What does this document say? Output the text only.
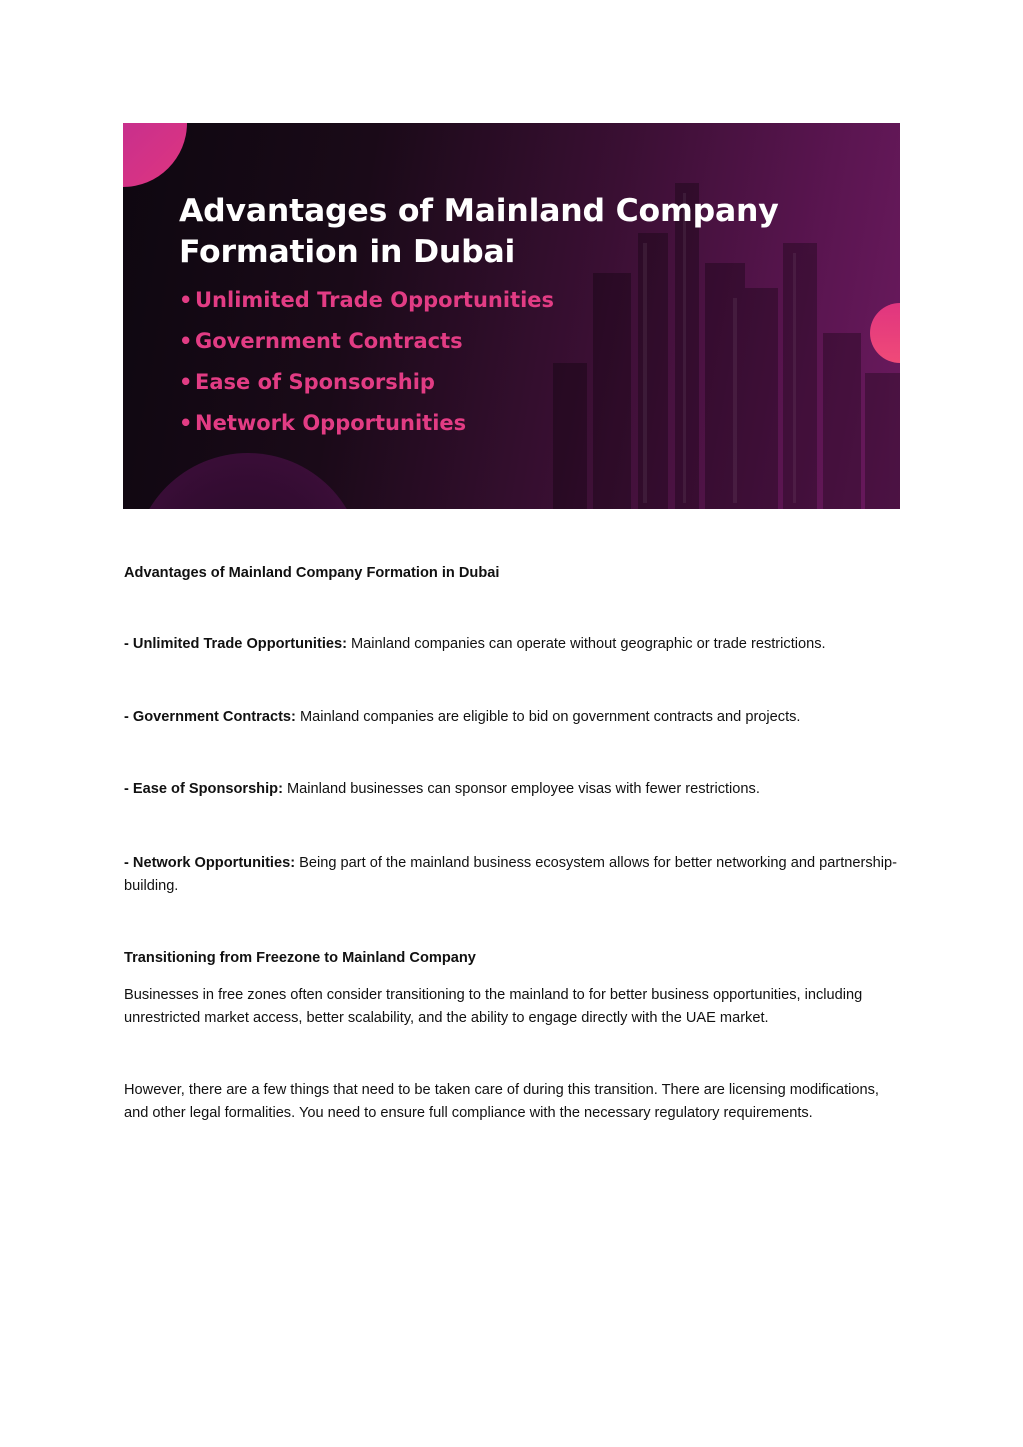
Advantages of Mainland Company Formation in Dubai
• Unlimited Trade Opportunities
• Government Contracts
• Ease of Sponsorship
• Network Opportunities

Advantages of Mainland Company Formation in Dubai

- Unlimited Trade Opportunities: Mainland companies can operate without geographic or trade restrictions.

- Government Contracts: Mainland companies are eligible to bid on government contracts and projects.

- Ease of Sponsorship: Mainland businesses can sponsor employee visas with fewer restrictions.

- Network Opportunities: Being part of the mainland business ecosystem allows for better networking and partnership-building.

Transitioning from Freezone to Mainland Company

Businesses in free zones often consider transitioning to the mainland to for better business opportunities, including unrestricted market access, better scalability, and the ability to engage directly with the UAE market.

However, there are a few things that need to be taken care of during this transition. There are licensing modifications, and other legal formalities. You need to ensure full compliance with the necessary regulatory requirements.
